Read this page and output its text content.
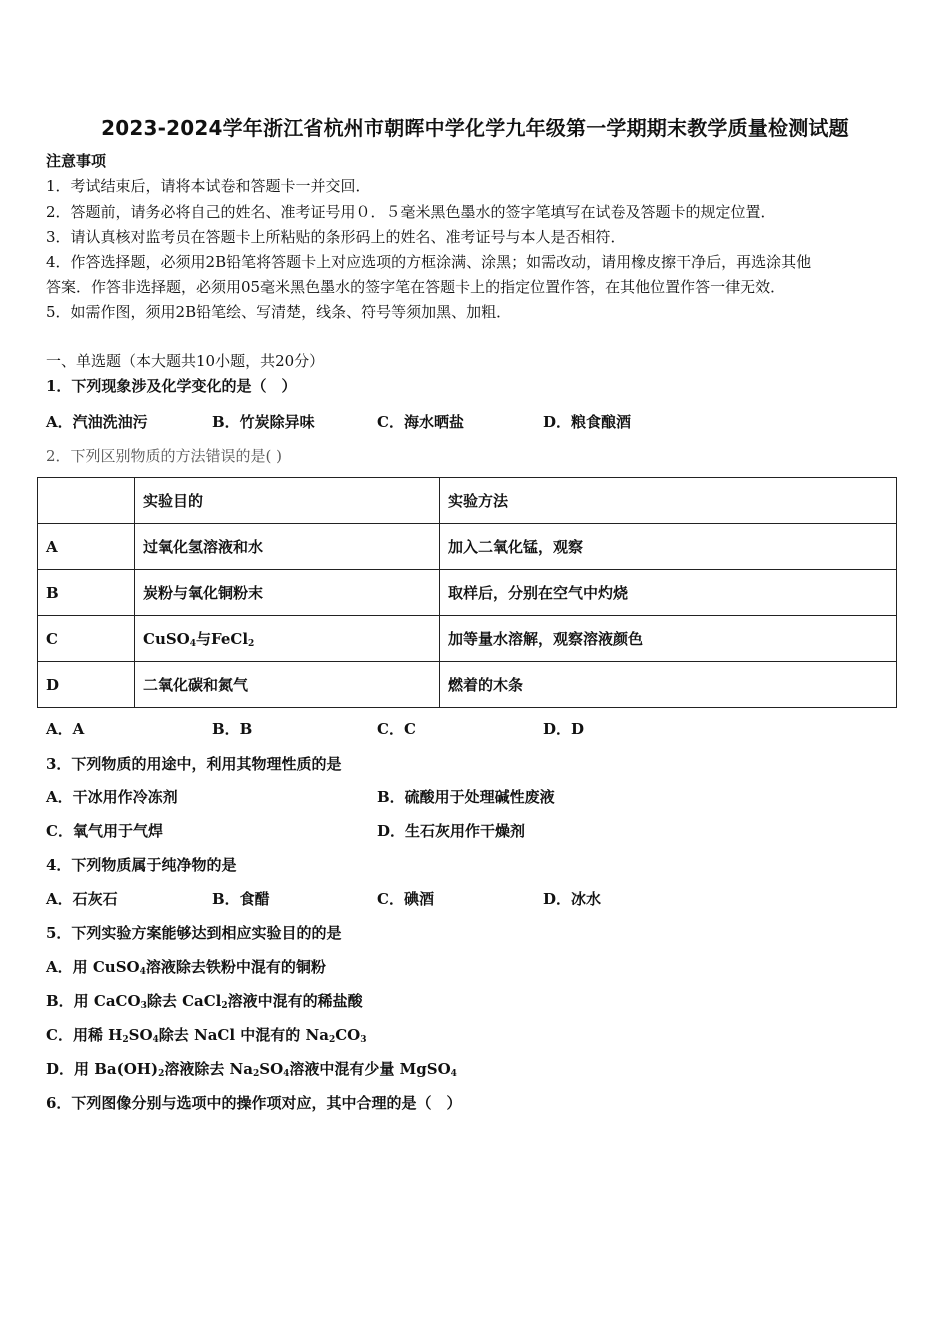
2023-2024学年浙江省杭州市朝晖中学化学九年级第一学期期末教学质量检测试题
注意事项
1．考试结束后，请将本试卷和答题卡一并交回．
2．答题前，请务必将自己的姓名、准考证号用０．５毫米黑色墨水的签字笔填写在试卷及答题卡的规定位置．
3．请认真核对监考员在答题卡上所粘贴的条形码上的姓名、准考证号与本人是否相符．
4．作答选择题，必须用2B铅笔将答题卡上对应选项的方框涂满、涂黑；如需改动，请用橡皮擦干净后，再选涂其他
答案．作答非选择题，必须用05毫米黑色墨水的签字笔在答题卡上的指定位置作答，在其他位置作答一律无效．
5．如需作图，须用2B铅笔绘、写清楚，线条、符号等须加黑、加粗．
一、单选题（本大题共10小题，共20分）
1．下列现象涉及化学变化的是（　）
A．汽油洗油污	B．竹炭除异味	C．海水晒盐	D．粮食酿酒
2．下列区别物质的方法错误的是( )
	实验目的	实验方法
A	过氧化氢溶液和水	加入二氧化锰，观察
B	炭粉与氧化铜粉末	取样后，分别在空气中灼烧
C	CuSO$_4$与FeCl$_2$	加等量水溶解，观察溶液颜色
D	二氧化碳和氮气	燃着的木条
A．A	B．B	C．C	D．D
3．下列物质的用途中，利用其物理性质的是
A．干冰用作冷冻剂	B．硫酸用于处理碱性废液
C．氧气用于气焊	D．生石灰用作干燥剂
4．下列物质属于纯净物的是
A．石灰石	B．食醋	C．碘酒	D．冰水
5．下列实验方案能够达到相应实验目的的是
A．用 CuSO$_4$溶液除去铁粉中混有的铜粉
B．用 CaCO$_3$除去 CaCl$_2$溶液中混有的稀盐酸
C．用稀 $H_2SO_4$除去 NaCl 中混有的 $Na_2CO_3$
D．用 $Ba(OH)_2$溶液除去 $Na_2SO_4$溶液中混有少量 MgSO$_4$
6．下列图像分别与选项中的操作项对应，其中合理的是（　）
